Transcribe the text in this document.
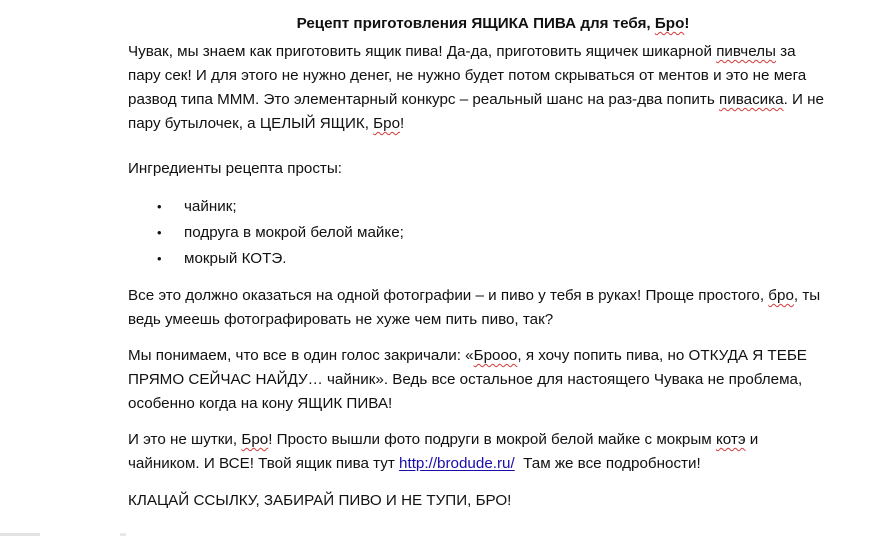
Рецепт приготовления ЯЩИКА ПИВА для тебя, Бро!

Чувак, мы знаем как приготовить ящик пива! Да-да, приготовить ящичек шикарной пивчелы за
пару сек! И для этого не нужно денег, не нужно будет потом скрываться от ментов и это не мега
развод типа МММ. Это элементарный конкурс – реальный шанс на раз-два попить пивасика. И не
пару бутылочек, а ЦЕЛЫЙ ЯЩИК, Бро!

Ингредиенты рецепта просты:

• чайник;
• подруга в мокрой белой майке;
• мокрый КОТЭ.

Все это должно оказаться на одной фотографии – и пиво у тебя в руках! Проще простого, бро, ты
ведь умеешь фотографировать не хуже чем пить пиво, так?

Мы понимаем, что все в один голос закричали: «Брооо, я хочу попить пива, но ОТКУДА Я ТЕБЕ
ПРЯМО СЕЙЧАС НАЙДУ… чайник». Ведь все остальное для настоящего Чувака не проблема,
особенно когда на кону ЯЩИК ПИВА!

И это не шутки, Бро! Просто вышли фото подруги в мокрой белой майке с мокрым котэ и
чайником. И ВСЕ! Твой ящик пива тут http://brodude.ru/  Там же все подробности!

КЛАЦАЙ ССЫЛКУ, ЗАБИРАЙ ПИВО И НЕ ТУПИ, БРО!
